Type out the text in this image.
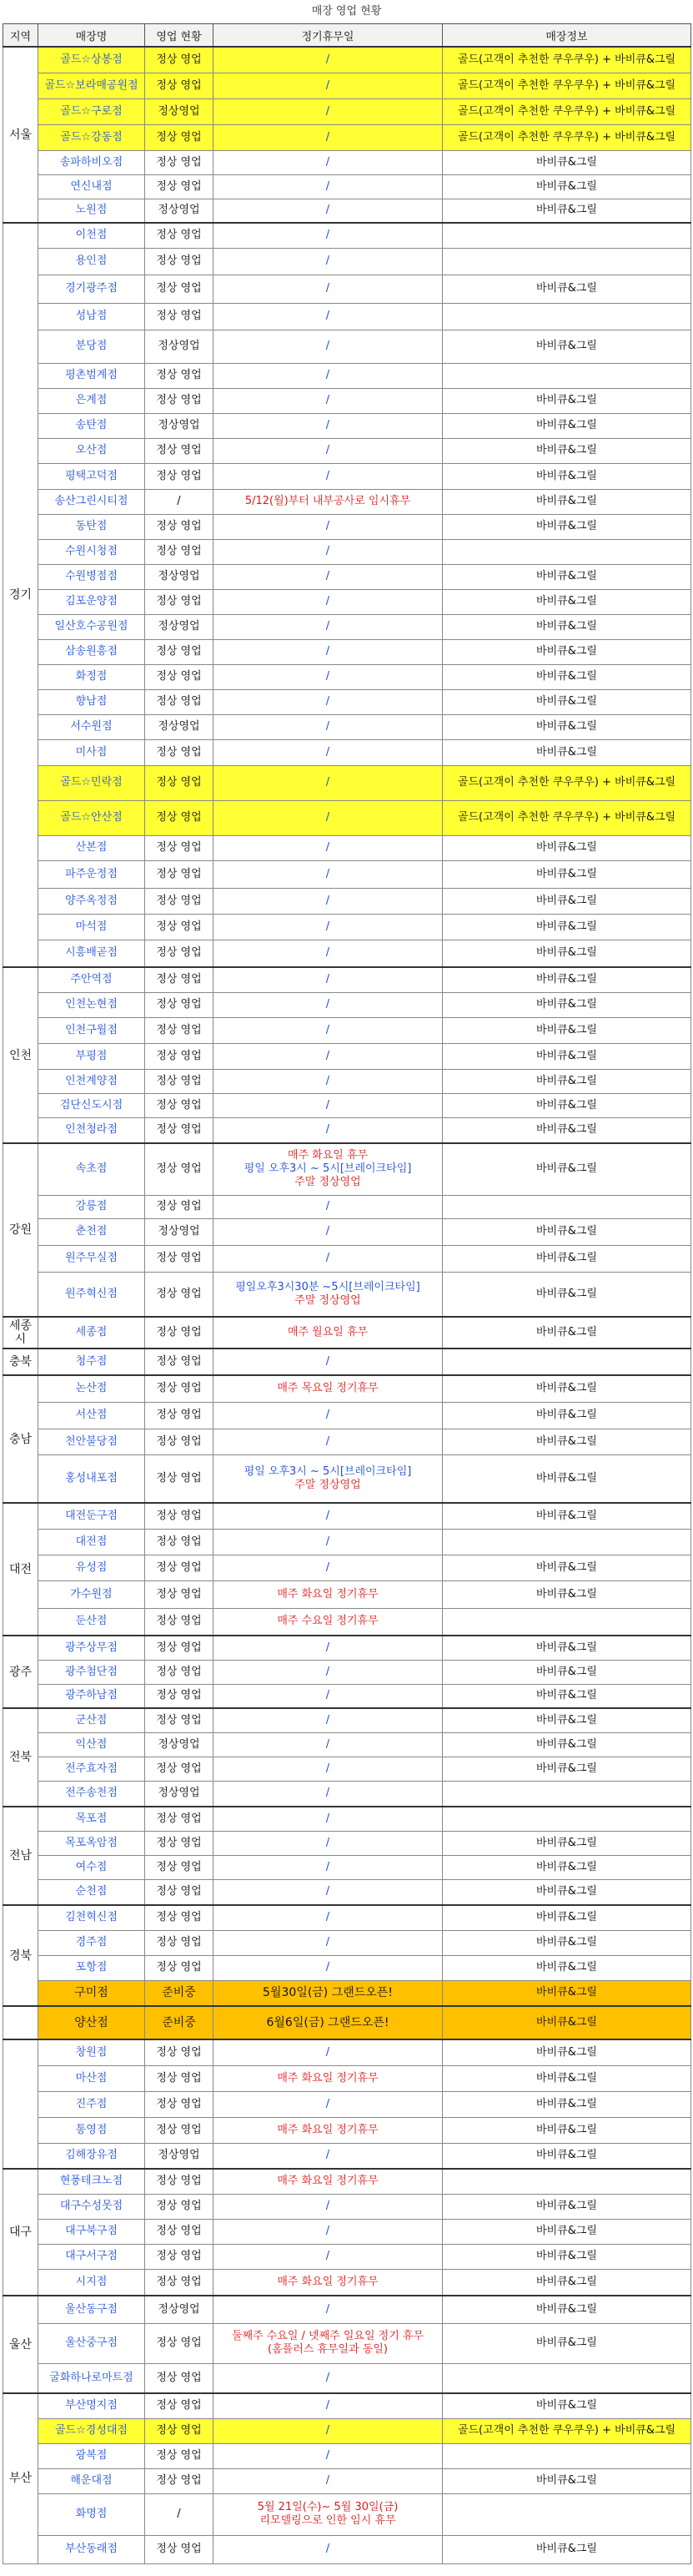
매장 영업 현황
지역	매장명	영업 현황	정기휴무일	매장정보
서울	골드☆상봉점	정상 영업	/	골드(고객이 추천한 쿠우쿠우) + 바비큐&그릴
	골드☆보라매공원점	정상 영업	/	골드(고객이 추천한 쿠우쿠우) + 바비큐&그릴
	골드☆구로점	정상영업	/	골드(고객이 추천한 쿠우쿠우) + 바비큐&그릴
	골드☆강동점	정상 영업	/	골드(고객이 추천한 쿠우쿠우) + 바비큐&그릴
	송파하비오점	정상 영업	/	바비큐&그릴
	연신내점	정상 영업	/	바비큐&그릴
	노원점	정상영업	/	바비큐&그릴
경기	이천점	정상 영업	/	

	용인점	정상 영업	/	

	경기광주점	정상 영업	/	바비큐&그릴
	성남점	정상 영업	/	

	분당점	정상영업	/	바비큐&그릴
	평촌범계점	정상 영업	/	

	은계점	정상 영업	/	바비큐&그릴
	송탄점	정상영업	/	바비큐&그릴
	오산점	정상 영업	/	바비큐&그릴
	평택고덕점	정상 영업	/	바비큐&그릴
	송산그린시티점	/	5/12(월)부터 내부공사로 임시휴무	바비큐&그릴
	동탄점	정상 영업	/	바비큐&그릴
	수원시청점	정상 영업	/	

	수원병점점	정상영업	/	바비큐&그릴
	김포운양점	정상 영업	/	바비큐&그릴
	일산호수공원점	정상영업	/	바비큐&그릴
	삼송원흥점	정상 영업	/	바비큐&그릴
	화정점	정상 영업	/	바비큐&그릴
	향남점	정상 영업	/	바비큐&그릴
	서수원점	정상영업	/	바비큐&그릴
	미사점	정상 영업	/	바비큐&그릴
	골드☆민락점	정상 영업	/	골드(고객이 추천한 쿠우쿠우) + 바비큐&그릴
	골드☆안산점	정상 영업	/	골드(고객이 추천한 쿠우쿠우) + 바비큐&그릴
	산본점	정상 영업	/	바비큐&그릴
	파주운정점	정상 영업	/	바비큐&그릴
	양주옥정점	정상 영업	/	바비큐&그릴
	마석점	정상 영업	/	바비큐&그릴
	시흥배곧점	정상 영업	/	바비큐&그릴
인천	주안역점	정상 영업	/	바비큐&그릴
	인천논현점	정상 영업	/	바비큐&그릴
	인천구월점	정상 영업	/	바비큐&그릴
	부평점	정상 영업	/	바비큐&그릴
	인천계양점	정상 영업	/	바비큐&그릴
	검단신도시점	정상 영업	/	바비큐&그릴
	인천청라점	정상 영업	/	바비큐&그릴
강원	속초점	정상 영업	매주 화요일 휴무
평일 오후3시 ~ 5시[브레이크타임]
주말 정상영업	바비큐&그릴
	강릉점	정상 영업	/	

	춘천점	정상영업	/	바비큐&그릴
	원주무실점	정상 영업	/	바비큐&그릴
	원주혁신점	정상 영업	평일오후3시30분 ~5시[브레이크타임]
주말 정상영업	바비큐&그릴
세종시	세종점	정상 영업	매주 월요일 휴무	바비큐&그릴
충북	청주점	정상 영업	/	

충남	논산점	정상 영업	매주 목요일 정기휴무	바비큐&그릴
	서산점	정상 영업	/	바비큐&그릴
	천안불당점	정상 영업	/	바비큐&그릴
	홍성내포점	정상 영업	평일 오후3시 ~ 5시[브레이크타임]
주말 정상영업	바비큐&그릴
대전	대전둔구점	정상 영업	/	바비큐&그릴
	대전점	정상 영업	/	

	유성점	정상 영업	/	바비큐&그릴
	가수원점	정상 영업	매주 화요일 정기휴무	바비큐&그릴
	둔산점	정상 영업	매주 수요일 정기휴무	

광주	광주상무점	정상 영업	/	바비큐&그릴
	광주첨단점	정상 영업	/	바비큐&그릴
	광주하남점	정상 영업	/	바비큐&그릴
전북	군산점	정상 영업	/	바비큐&그릴
	익산점	정상영업	/	바비큐&그릴
	전주효자점	정상 영업	/	바비큐&그릴
	전주송천점	정상영업	/	

전남	목포점	정상 영업	/	

	목포옥암점	정상 영업	/	바비큐&그릴
	여수점	정상 영업	/	바비큐&그릴
	순천점	정상 영업	/	바비큐&그릴
경북	김천혁신점	정상 영업	/	바비큐&그릴
	경주점	정상 영업	/	바비큐&그릴
	포항점	정상 영업	/	바비큐&그릴
	구미점	준비중	5월30일(금) 그랜드오픈!	바비큐&그릴
	양산점	준비중	6월6일(금) 그랜드오픈!	바비큐&그릴
	창원점	정상 영업	/	바비큐&그릴
	마산점	정상 영업	매주 화요일 정기휴무	바비큐&그릴
	진주점	정상 영업	/	바비큐&그릴
	통영점	정상 영업	매주 화요일 정기휴무	바비큐&그릴
	김해장유점	정상영업	/	바비큐&그릴
대구	현풍테크노점	정상 영업	매주 화요일 정기휴무	

	대구수성못점	정상 영업	/	바비큐&그릴
	대구북구점	정상 영업	/	바비큐&그릴
	대구서구점	정상 영업	/	바비큐&그릴
	시지점	정상 영업	매주 화요일 정기휴무	바비큐&그릴
울산	울산동구점	정상영업	/	바비큐&그릴
	울산중구점	정상 영업	둘째주 수요일 / 넷째주 일요일 정기 휴무
(홈플러스 휴무일과 동일)	바비큐&그릴
	굴화하나로마트점	정상 영업	/	

부산	부산명지점	정상 영업	/	바비큐&그릴
	골드☆경성대점	정상 영업	/	골드(고객이 추천한 쿠우쿠우) + 바비큐&그릴
	광복점	정상 영업	/	

	해운대점	정상 영업	/	바비큐&그릴
	화명점	/	5월 21일(수)~ 5월 30일(금)
리모델링으로 인한 임시 휴무	

	부산동래점	정상 영업	/	바비큐&그릴
